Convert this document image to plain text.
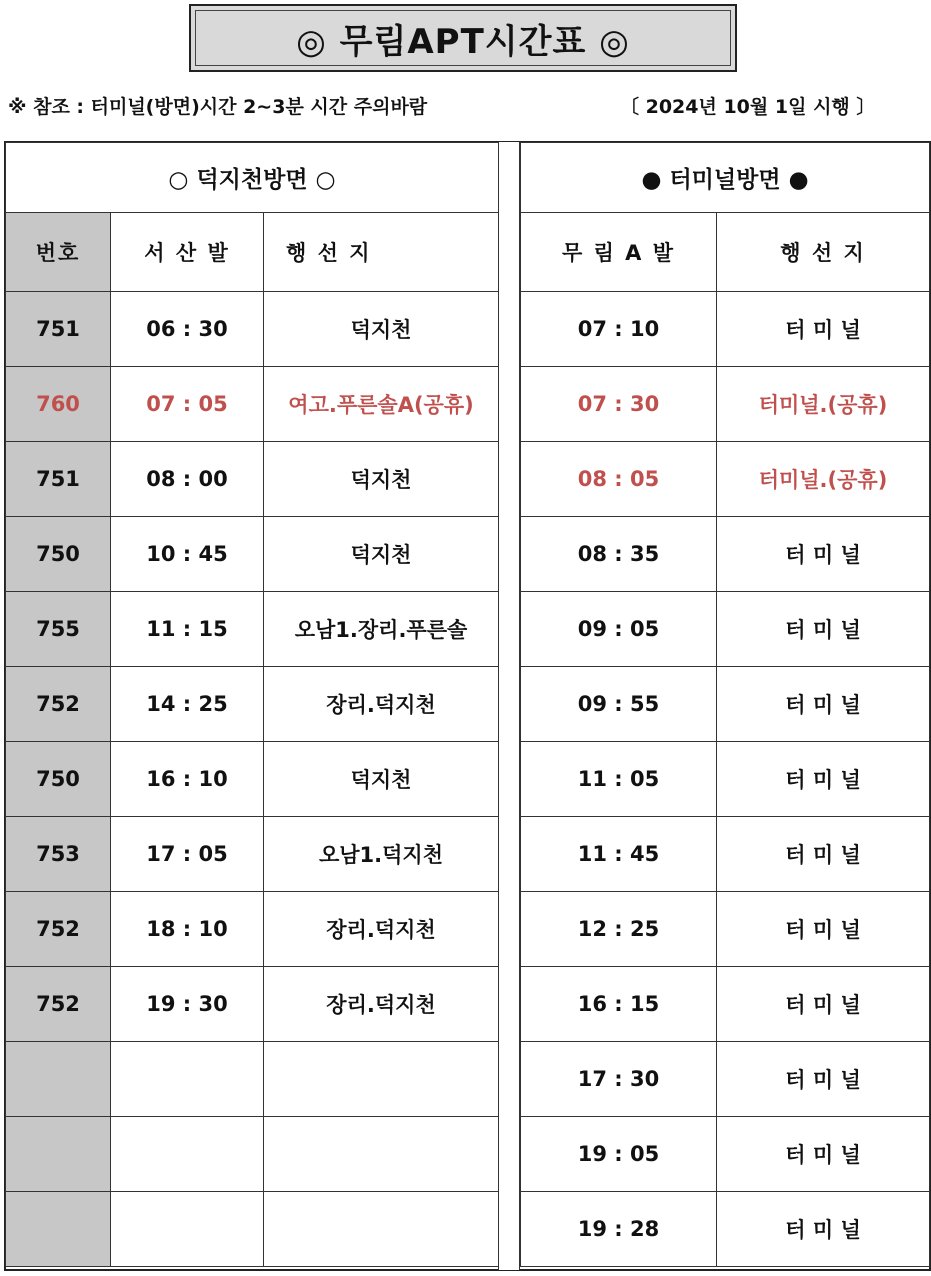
◎ 무림APT시간표 ◎
※ 참조 : 터미널(방면)시간 2∼3분 시간 주의바람	〔 2024년 10월 1일 시행 〕
○ 덕지천방면 ○		
번호	서 산 발	행 선 지
751	06 : 30	덕지천
760	07 : 05	여고.푸른솔A(공휴)
751	08 : 00	덕지천
750	10 : 45	덕지천
755	11 : 15	오남1.장리.푸른솔
752	14 : 25	장리.덕지천
750	16 : 10	덕지천
753	17 : 05	오남1.덕지천
752	18 : 10	장리.덕지천
752	19 : 30	장리.덕지천

● 터미널방면 ●	
무 림 A 발	행 선 지
07 : 10	터 미 널
07 : 30	터미널.(공휴)
08 : 05	터미널.(공휴)
08 : 35	터 미 널
09 : 05	터 미 널
09 : 55	터 미 널
11 : 05	터 미 널
11 : 45	터 미 널
12 : 25	터 미 널
16 : 15	터 미 널
17 : 30	터 미 널
19 : 05	터 미 널
19 : 28	터 미 널
